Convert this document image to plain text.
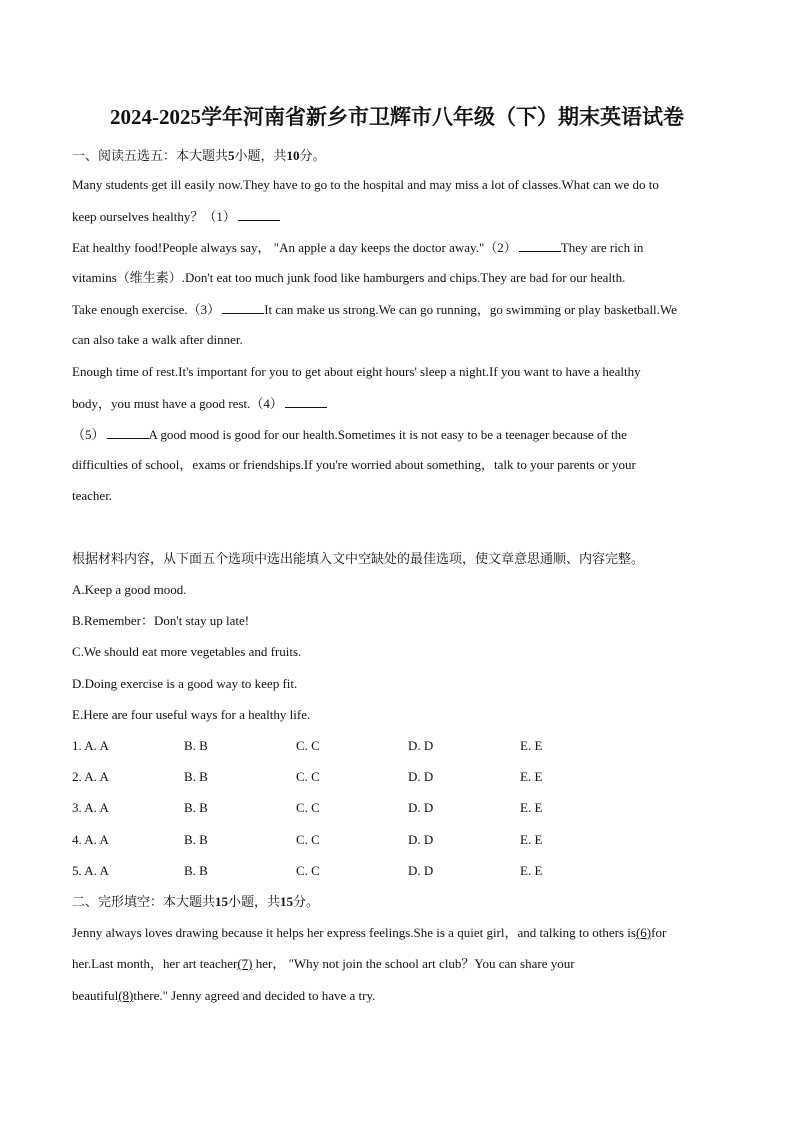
2024-2025学年河南省新乡市卫辉市八年级（下）期末英语试卷
一、阅读五选五：本大题共5小题，共10分。
Many students get ill easily now.They have to go to the hospital and may miss a lot of classes.What can we do to
keep ourselves healthy？（1）
Eat healthy food!People always say， "An apple a day keeps the doctor away."（2）	They are rich in
vitamins（维生素）.Don't eat too much junk food like hamburgers and chips.They are bad for our health.
Take enough exercise.（3）	It can make us strong.We can go running，go swimming or play basketball.We
can also take a walk after dinner.
Enough time of rest.It's important for you to get about eight hours' sleep a night.If you want to have a healthy
body，you must have a good rest.（4）
（5）	A good mood is good for our health.Sometimes it is not easy to be a teenager because of the
difficulties of school，exams or friendships.If you're worried about something，talk to your parents or your
teacher.
根据材料内容，从下面五个选项中选出能填入文中空缺处的最佳选项，使文章意思通顺、内容完整。
A.Keep a good mood.
B.Remember：Don't stay up late!
C.We should eat more vegetables and fruits.
D.Doing exercise is a good way to keep fit.
E.Here are four useful ways for a healthy life.
1. A. A	B. B	C. C	D. D	E. E
2. A. A	B. B	C. C	D. D	E. E
3. A. A	B. B	C. C	D. D	E. E
4. A. A	B. B	C. C	D. D	E. E
5. A. A	B. B	C. C	D. D	E. E
二、完形填空：本大题共15小题，共15分。
Jenny always loves drawing because it helps her express feelings.She is a quiet girl，and talking to others is(6)for
her.Last month，her art teacher(7) her， "Why not join the school art club？You can share your
beautiful(8)there." Jenny agreed and decided to have a try.
